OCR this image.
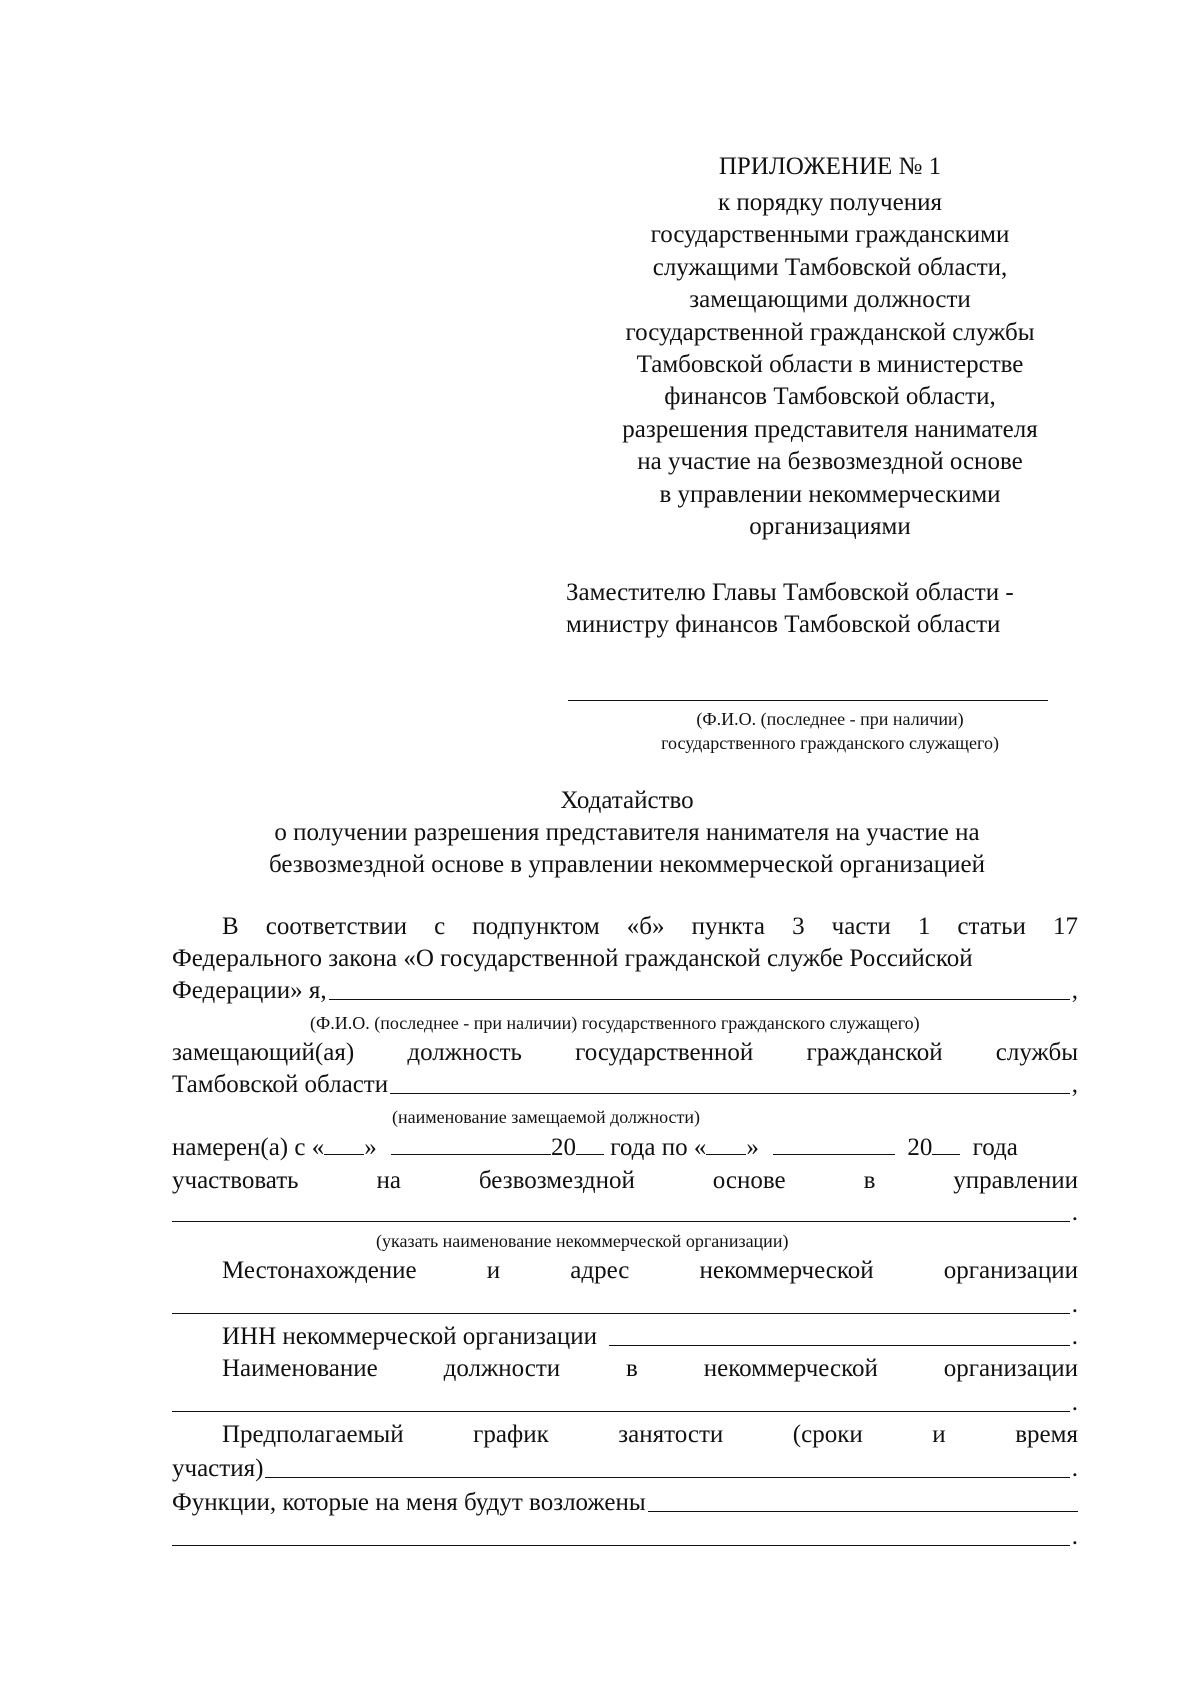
ПРИЛОЖЕНИЕ № 1
к порядку получения
государственными гражданскими
служащими Тамбовской области,
замещающими должности
государственной гражданской службы
Тамбовской области в министерстве
финансов Тамбовской области,
разрешения представителя нанимателя
на участие на безвозмездной основе
в управлении некоммерческими
организациями
Заместителю Главы Тамбовской области -
министру финансов Тамбовской области
(Ф.И.О. (последнее - при наличии)
государственного гражданского служащего)
Ходатайство
о получении разрешения представителя нанимателя на участие на
безвозмездной основе в управлении некоммерческой организацией
В соответствии с подпунктом «б» пункта 3 части 1 статьи 17
Федерального закона «О государственной гражданской службе Российской
Федерации» я,	,
(Ф.И.О. (последнее - при наличии) государственного гражданского служащего)
замещающий(ая) должность государственной гражданской службы
Тамбовской области	,
(наименование замещаемой должности)
намерен(а) с « »	20 года по « »	20 года
участвовать	на	безвозмездной	основе	в	управлении
.
(указать наименование некоммерческой организации)
Местонахождение	и	адрес	некоммерческой	организации
.
ИНН некоммерческой организации	.
Наименование	должности	в	некоммерческой	организации
.
Предполагаемый	график	занятости	(сроки	и	время
участия)	.
Функции, которые на меня будут возложены
.
